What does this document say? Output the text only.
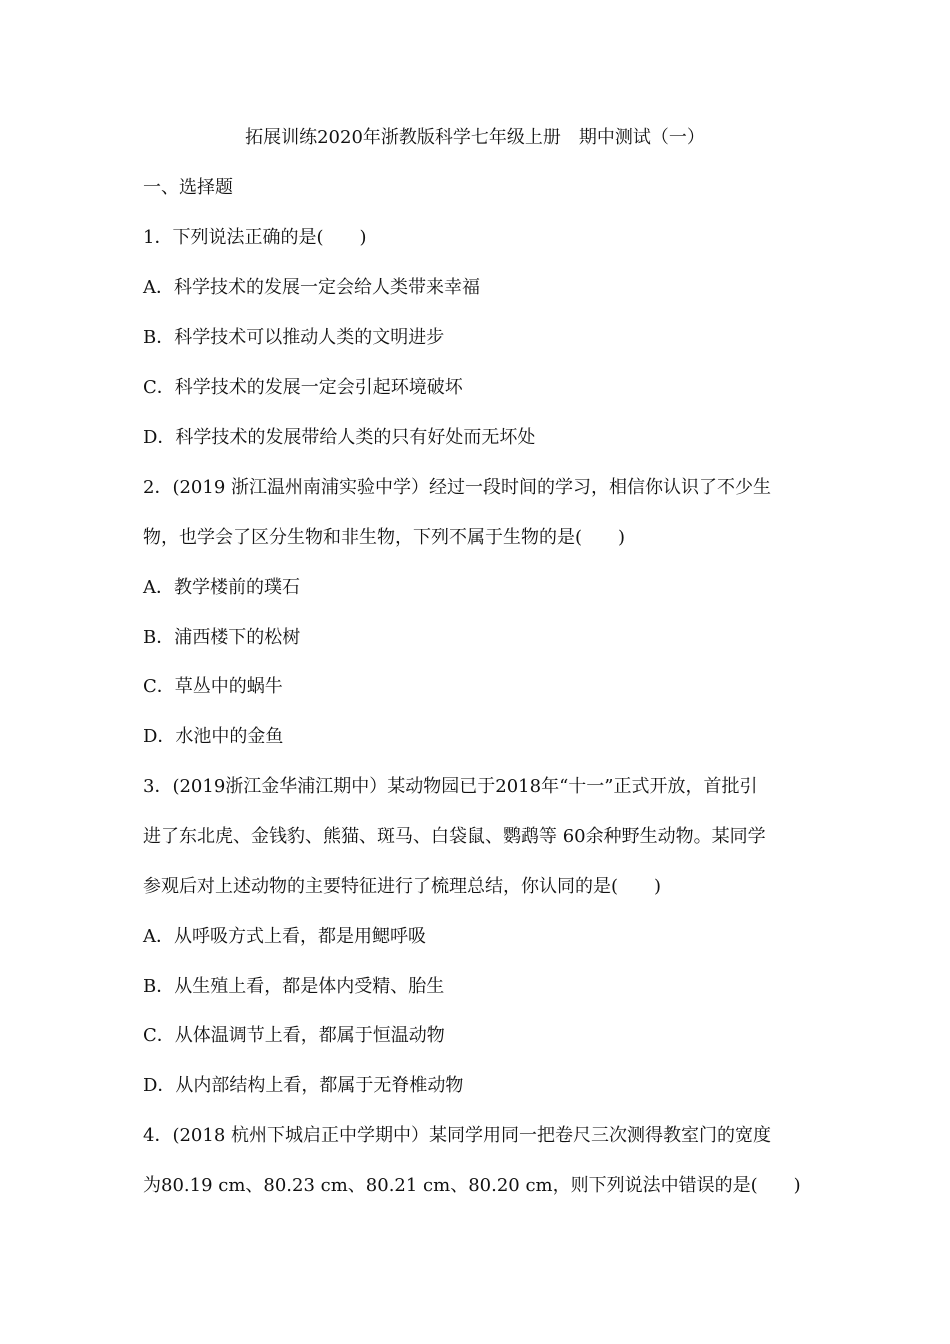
拓展训练2020年浙教版科学七年级上册　期中测试（一）
一、选择题
1．下列说法正确的是(　　)
A．科学技术的发展一定会给人类带来幸福
B．科学技术可以推动人类的文明进步
C．科学技术的发展一定会引起环境破坏
D．科学技术的发展带给人类的只有好处而无坏处
2．(2019 浙江温州南浦实验中学）经过一段时间的学习，相信你认识了不少生
物，也学会了区分生物和非生物，下列不属于生物的是(　　)
A．教学楼前的璞石
B．浦西楼下的松树
C．草丛中的蜗牛
D．水池中的金鱼
3．(2019浙江金华浦江期中）某动物园已于2018年“十一”正式开放，首批引
进了东北虎、金钱豹、熊猫、斑马、白袋鼠、鹦鹉等 60余种野生动物。某同学
参观后对上述动物的主要特征进行了梳理总结，你认同的是(　　)
A．从呼吸方式上看，都是用鳃呼吸
B．从生殖上看，都是体内受精、胎生
C．从体温调节上看，都属于恒温动物
D．从内部结构上看，都属于无脊椎动物
4．(2018 杭州下城启正中学期中）某同学用同一把卷尺三次测得教室门的宽度
为80.19 cm、80.23 cm、80.21 cm、80.20 cm，则下列说法中错误的是(　　)
